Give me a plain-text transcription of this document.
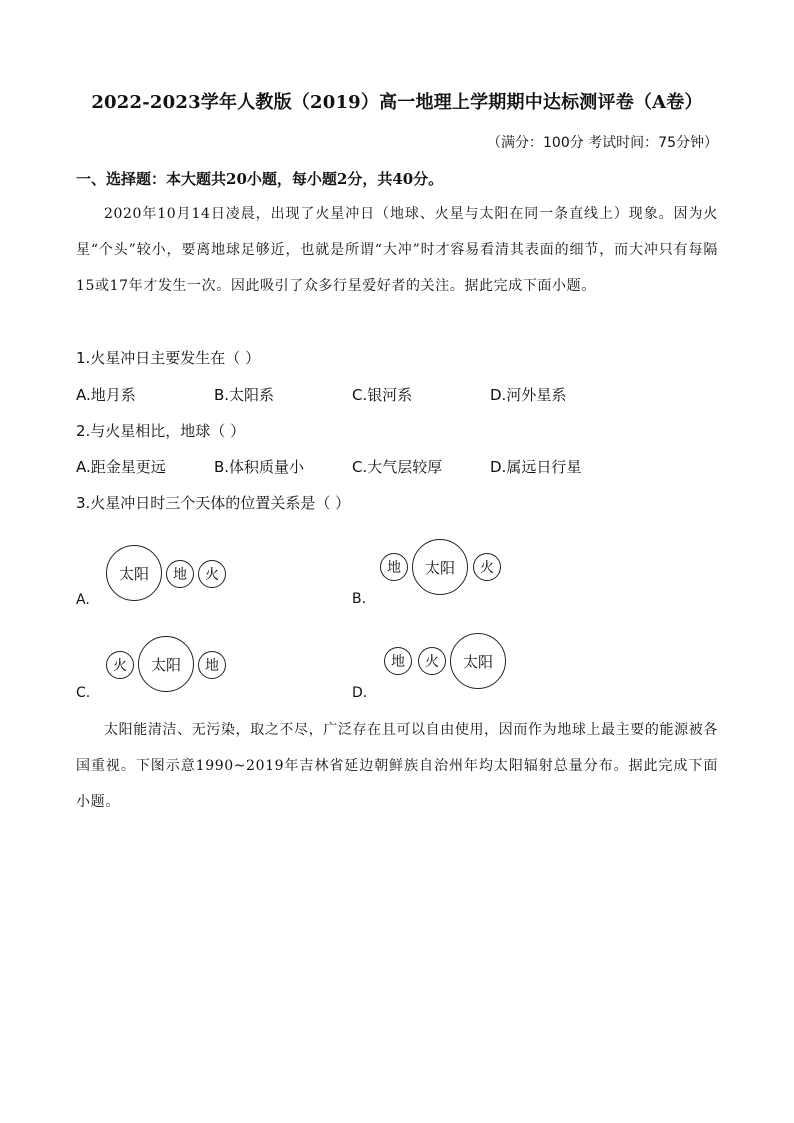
2022-2023学年人教版（2019）高一地理上学期期中达标测评卷（A卷）
（满分：100分 考试时间：75分钟）
一、选择题：本大题共20小题，每小题2分，共40分。
2020年10月14日凌晨，出现了火星冲日（地球、火星与太阳在同一条直线上）现象。因为火星“个头”较小，要离地球足够近，也就是所谓“大冲”时才容易看清其表面的细节，而大冲只有每隔15或17年才发生一次。因此吸引了众多行星爱好者的关注。据此完成下面小题。
1.火星冲日主要发生在（ ）
A.地月系	B.太阳系	C.银河系	D.河外星系
2.与火星相比，地球（ ）
A.距金星更远	B.体积质量小	C.大气层较厚	D.属远日行星
3.火星冲日时三个天体的位置关系是（ ）
A.
太阳	地	火
B.
地	太阳	火
C.
火	太阳	地
D.
地	火	太阳
太阳能清洁、无污染，取之不尽，广泛存在且可以自由使用，因而作为地球上最主要的能源被各国重视。下图示意1990~2019年吉林省延边朝鲜族自治州年均太阳辐射总量分布。据此完成下面小题。
